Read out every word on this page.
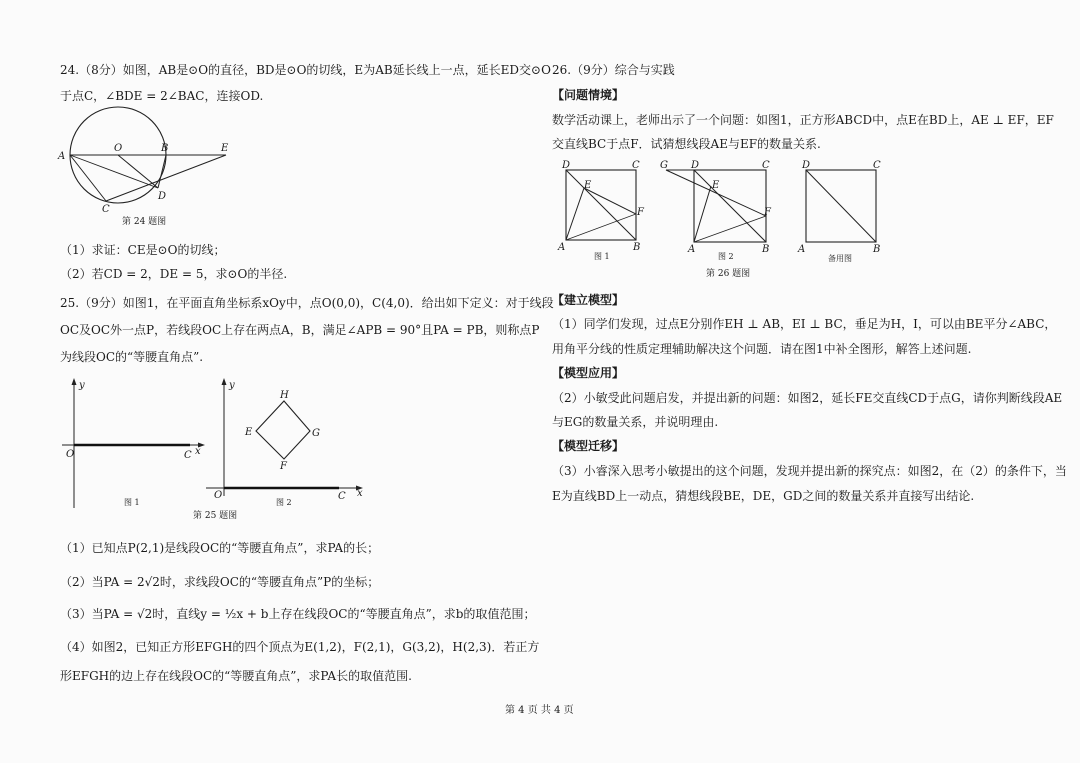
24.（8分）如图，AB是⊙O的直径，BD是⊙O的切线，E为AB延长线上一点，延长ED交⊙O
于点C，∠BDE = 2∠BAC，连接OD.
A
O	B	E
C
D
第 24 题图
（1）求证：CE是⊙O的切线；
（2）若CD = 2，DE = 5，求⊙O的半径.
25.（9分）如图1，在平面直角坐标系xOy中，点O(0,0)，C(4,0)．给出如下定义：对于线段
OC及OC外一点P，若线段OC上存在两点A，B，满足∠APB = 90°且PA = PB，则称点P
为线段OC的“等腰直角点”.
y
O	C x
图 1
y
O	C x
H
E	G
F
图 2
第 25 题图
（1）已知点P(2,1)是线段OC的“等腰直角点”，求PA的长；
（2）当PA = 2√2时，求线段OC的“等腰直角点”P的坐标；
（3）当PA = √2时，直线y = ½x + b上存在线段OC的“等腰直角点”，求b的取值范围；
（4）如图2，已知正方形EFGH的四个顶点为E(1,2)，F(2,1)，G(3,2)，H(2,3)．若正方
形EFGH的边上存在线段OC的“等腰直角点”，求PA长的取值范围.
26.（9分）综合与实践
【问题情境】
数学活动课上，老师出示了一个问题：如图1，正方形ABCD中，点E在BD上，AE ⊥ EF，EF
交直线BC于点F．试猜想线段AE与EF的数量关系.
D	C
E
F
A	B
图 1
G D	C
E
F
A	B
图 2
D	C
A	B
备用图
第 26 题图
【建立模型】
（1）同学们发现，过点E分别作EH ⊥ AB，EI ⊥ BC，垂足为H，I，可以由BE平分∠ABC，
用角平分线的性质定理辅助解决这个问题．请在图1中补全图形，解答上述问题.
【模型应用】
（2）小敏受此问题启发，并提出新的问题：如图2，延长FE交直线CD于点G，请你判断线段AE
与EG的数量关系，并说明理由.
【模型迁移】
（3）小睿深入思考小敏提出的这个问题，发现并提出新的探究点：如图2，在（2）的条件下，当
E为直线BD上一动点，猜想线段BE，DE，GD之间的数量关系并直接写出结论.
第 4 页 共 4 页
